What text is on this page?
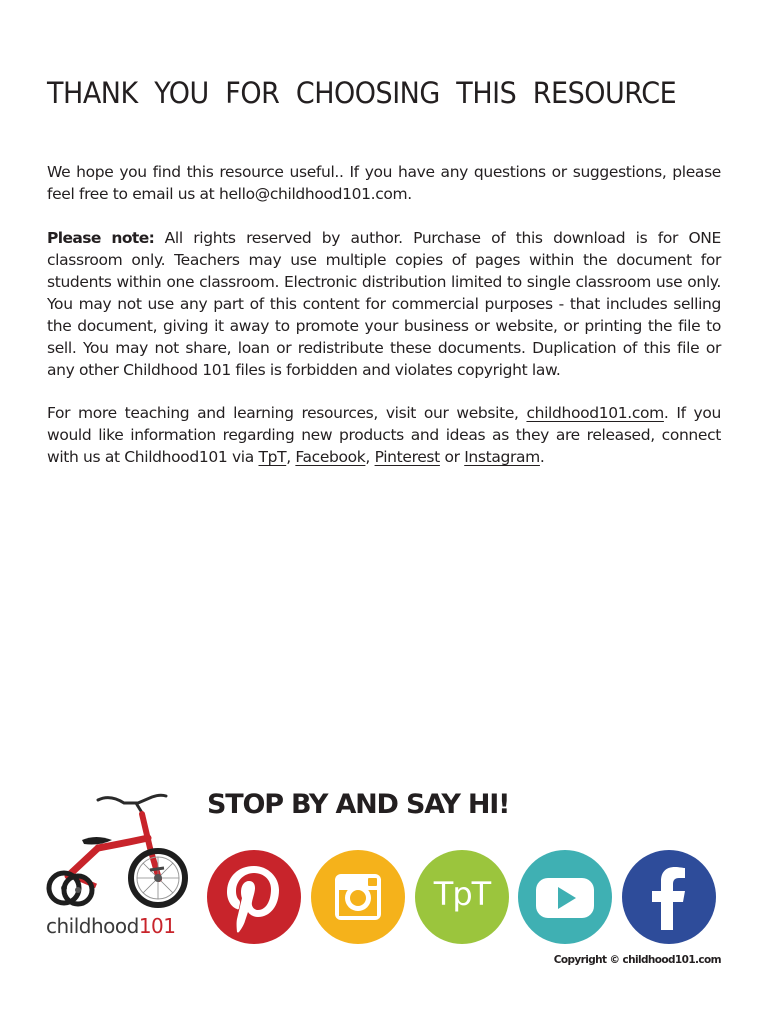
THANK YOU FOR CHOOSING THIS RESOURCE

We hope you find this resource useful.. If you have any questions or suggestions, please feel free to email us at hello@childhood101.com.

Please note: All rights reserved by author. Purchase of this download is for ONE classroom only. Teachers may use multiple copies of pages within the document for students within one classroom. Electronic distribution limited to single classroom use only. You may not use any part of this content for commercial purposes - that includes selling the document, giving it away to promote your business or website, or printing the file to sell. You may not share, loan or redistribute these documents. Duplication of this file or any other Childhood 101 files is forbidden and violates copyright law.

For more teaching and learning resources, visit our website, childhood101.com. If you would like information regarding new products and ideas as they are released, connect with us at Childhood101 via TpT, Facebook, Pinterest or Instagram.

childhood101
STOP BY AND SAY HI!
TpT
Copyright © childhood101.com
